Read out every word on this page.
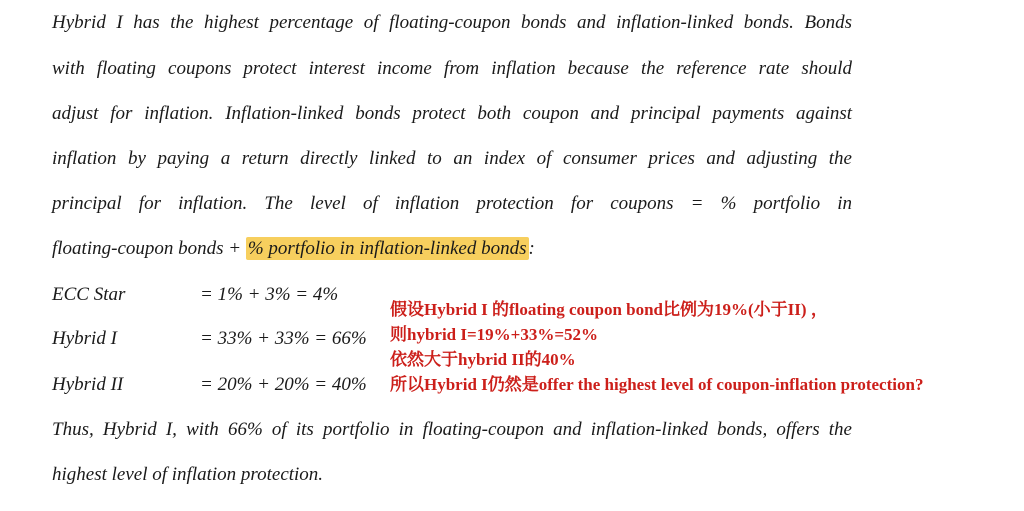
Hybrid I has the highest percentage of floating-coupon bonds and inflation-linked bonds. Bonds
with floating coupons protect interest income from inflation because the reference rate should
adjust for inflation. Inflation-linked bonds protect both coupon and principal payments against
inflation by paying a return directly linked to an index of consumer prices and adjusting the
principal for inflation. The level of inflation protection for coupons = % portfolio in
floating-coupon bonds + % portfolio in inflation-linked bonds :
ECC Star	= 1% + 3% = 4%
Hybrid I	= 33% + 33% = 66%
Hybrid II	= 20% + 20% = 40%
假设Hybrid I 的floating coupon bond比例为19%(小于II) ，
则hybrid I=19%+33%=52%
依然大于hybrid II的40%
所以Hybrid I仍然是offer the highest level of coupon-inflation protection?
Thus, Hybrid I, with 66% of its portfolio in floating-coupon and inflation-linked bonds, offers the
highest level of inflation protection.
